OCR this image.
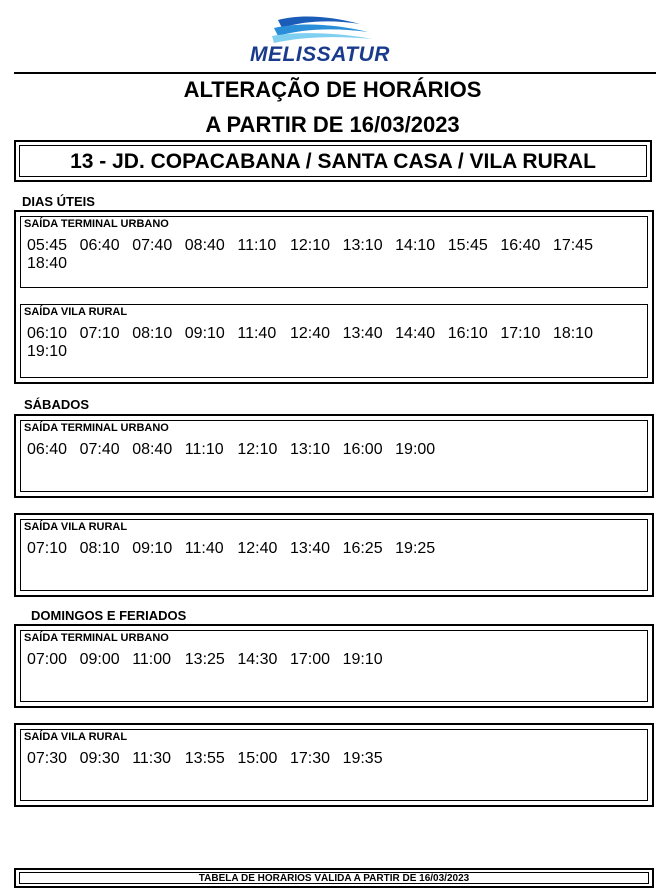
MELISSATUR
ALTERAÇÃO DE HORÁRIOS
A PARTIR DE 16/03/2023
13 - JD. COPACABANA / SANTA CASA / VILA RURAL
DIAS ÚTEIS
SAÍDA TERMINAL URBANO
05:45 06:40 07:40 08:40 11:10 12:10 13:10 14:10 15:45 16:40 17:4518:40
SAÍDA VILA RURAL
06:10 07:10 08:10 09:10 11:40 12:40 13:40 14:40 16:10 17:10 18:1019:10
SÁBADOS
SAÍDA TERMINAL URBANO
06:40 07:40 08:40 11:10 12:10 13:10 16:00 19:00
SAÍDA VILA RURAL
07:10 08:10 09:10 11:40 12:40 13:40 16:25 19:25
DOMINGOS E FERIADOS
SAÍDA TERMINAL URBANO
07:00 09:00 11:00 13:25 14:30 17:00 19:10
SAÍDA VILA RURAL
07:30 09:30 11:30 13:55 15:00 17:30 19:35
TABELA DE HORÁRIOS VÁLIDA A PARTIR DE 16/03/2023
